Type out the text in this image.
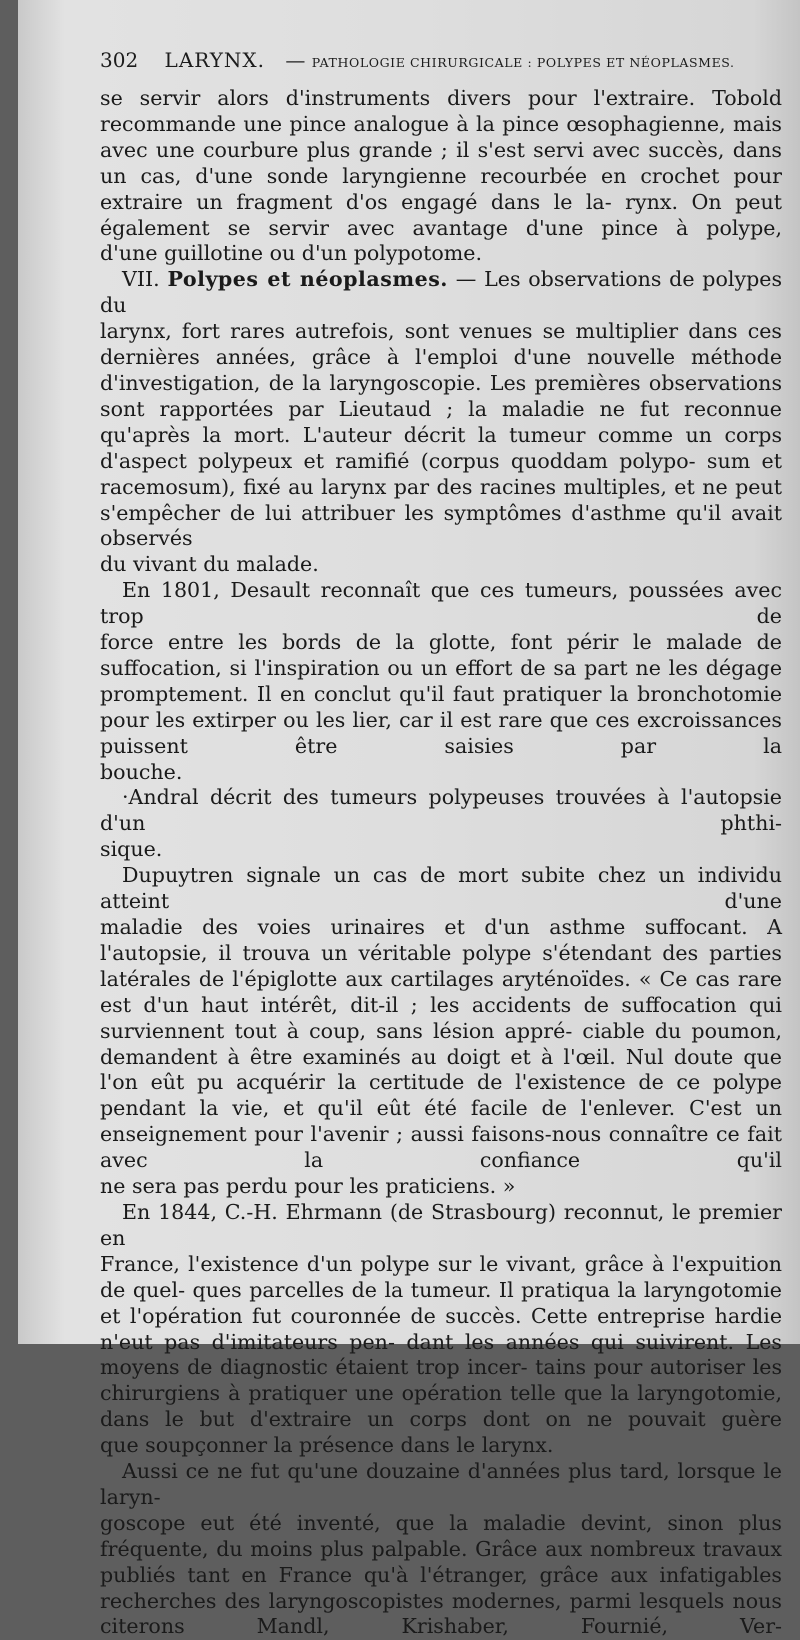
302 LARYNX. — PATHOLOGIE CHIRURGICALE : POLYPES ET NÉOPLASMES.

se servir alors d'instruments divers pour l'extraire. Tobold recommande une pince analogue à la pince œsophagienne, mais avec une courbure plus grande ; il s'est servi avec succès, dans un cas, d'une sonde laryngienne recourbée en crochet pour extraire un fragment d'os engagé dans le la- rynx. On peut également se servir avec avantage d'une pince à polype,

d'une guillotine ou d'un polypotome.

VII. Polypes et néoplasmes. — Les observations de polypes du

larynx, fort rares autrefois, sont venues se multiplier dans ces dernières années, grâce à l'emploi d'une nouvelle méthode d'investigation, de la laryngoscopie. Les premières observations sont rapportées par Lieutaud ; la maladie ne fut reconnue qu'après la mort. L'auteur décrit la tumeur comme un corps d'aspect polypeux et ramifié (corpus quoddam polypo- sum et racemosum), fixé au larynx par des racines multiples, et ne peut s'empêcher de lui attribuer les symptômes d'asthme qu'il avait observés

du vivant du malade.

En 1801, Desault reconnaît que ces tumeurs, poussées avec trop de

force entre les bords de la glotte, font périr le malade de suffocation, si l'inspiration ou un effort de sa part ne les dégage promptement. Il en conclut qu'il faut pratiquer la bronchotomie pour les extirper ou les lier, car il est rare que ces excroissances puissent être saisies par la

bouche.

·Andral décrit des tumeurs polypeuses trouvées à l'autopsie d'un phthi-

sique.

Dupuytren signale un cas de mort subite chez un individu atteint d'une

maladie des voies urinaires et d'un asthme suffocant. A l'autopsie, il trouva un véritable polype s'étendant des parties latérales de l'épiglotte aux cartilages aryténoïdes. « Ce cas rare est d'un haut intérêt, dit-il ; les accidents de suffocation qui surviennent tout à coup, sans lésion appré- ciable du poumon, demandent à être examinés au doigt et à l'œil. Nul doute que l'on eût pu acquérir la certitude de l'existence de ce polype pendant la vie, et qu'il eût été facile de l'enlever. C'est un enseignement pour l'avenir ; aussi faisons-nous connaître ce fait avec la confiance qu'il

ne sera pas perdu pour les praticiens. »

En 1844, C.-H. Ehrmann (de Strasbourg) reconnut, le premier en

France, l'existence d'un polype sur le vivant, grâce à l'expuition de quel- ques parcelles de la tumeur. Il pratiqua la laryngotomie et l'opération fut couronnée de succès. Cette entreprise hardie n'eut pas d'imitateurs pen- dant les années qui suivirent. Les moyens de diagnostic étaient trop incer- tains pour autoriser les chirurgiens à pratiquer une opération telle que la laryngotomie, dans le but d'extraire un corps dont on ne pouvait guère

que soupçonner la présence dans le larynx.

Aussi ce ne fut qu'une douzaine d'années plus tard, lorsque le laryn-

goscope eut été inventé, que la maladie devint, sinon plus fréquente, du moins plus palpable. Grâce aux nombreux travaux publiés tant en France qu'à l'étranger, grâce aux infatigables recherches des laryngoscopistes modernes, parmi lesquels nous citerons Mandl, Krishaber, Fournié, Ver-
